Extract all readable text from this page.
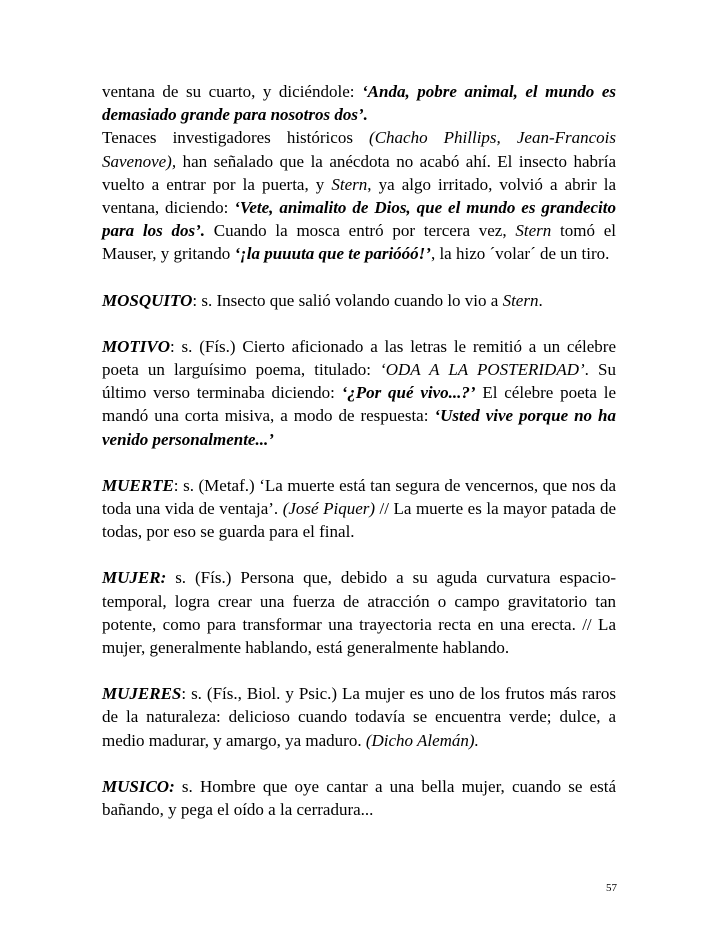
ventana de su cuarto, y diciéndole: ‘Anda, pobre animal, el mundo es demasiado grande para nosotros dos’.

Tenaces investigadores históricos (Chacho Phillips, Jean-Francois Savenove), han señalado que la anécdota no acabó ahí. El insecto habría vuelto a entrar por la puerta, y Stern, ya algo irritado, volvió a abrir la ventana, diciendo: ‘Vete, animalito de Dios, que el mundo es grandecito para los dos’. Cuando la mosca entró por tercera vez, Stern tomó el Mauser, y gritando ‘¡la puuuta que te parióóó!’, la hizo ´volar´ de un tiro.

MOSQUITO: s. Insecto que salió volando cuando lo vio a Stern.

MOTIVO: s. (Fís.) Cierto aficionado a las letras le remitió a un célebre poeta un larguísimo poema, titulado: ‘ODA A LA POSTERIDAD’. Su último verso terminaba diciendo: ‘¿Por qué vivo...?’ El célebre poeta le mandó una corta misiva, a modo de respuesta: ‘Usted vive porque no ha venido personalmente...’

MUERTE: s. (Metaf.) ‘La muerte está tan segura de vencernos, que nos da toda una vida de ventaja’. (José Piquer) // La muerte es la mayor patada de todas, por eso se guarda para el final.

MUJER: s. (Fís.) Persona que, debido a su aguda curvatura espacio-temporal, logra crear una fuerza de atracción o campo gravitatorio tan potente, como para transformar una trayectoria recta en una erecta. // La mujer, generalmente hablando, está generalmente hablando.

MUJERES: s. (Fís., Biol. y Psic.) La mujer es uno de los frutos más raros de la naturaleza: delicioso cuando todavía se encuentra verde; dulce, a medio madurar, y amargo, ya maduro. (Dicho Alemán).

MUSICO: s. Hombre que oye cantar a una bella mujer, cuando se está bañando, y pega el oído a la cerradura...

57
